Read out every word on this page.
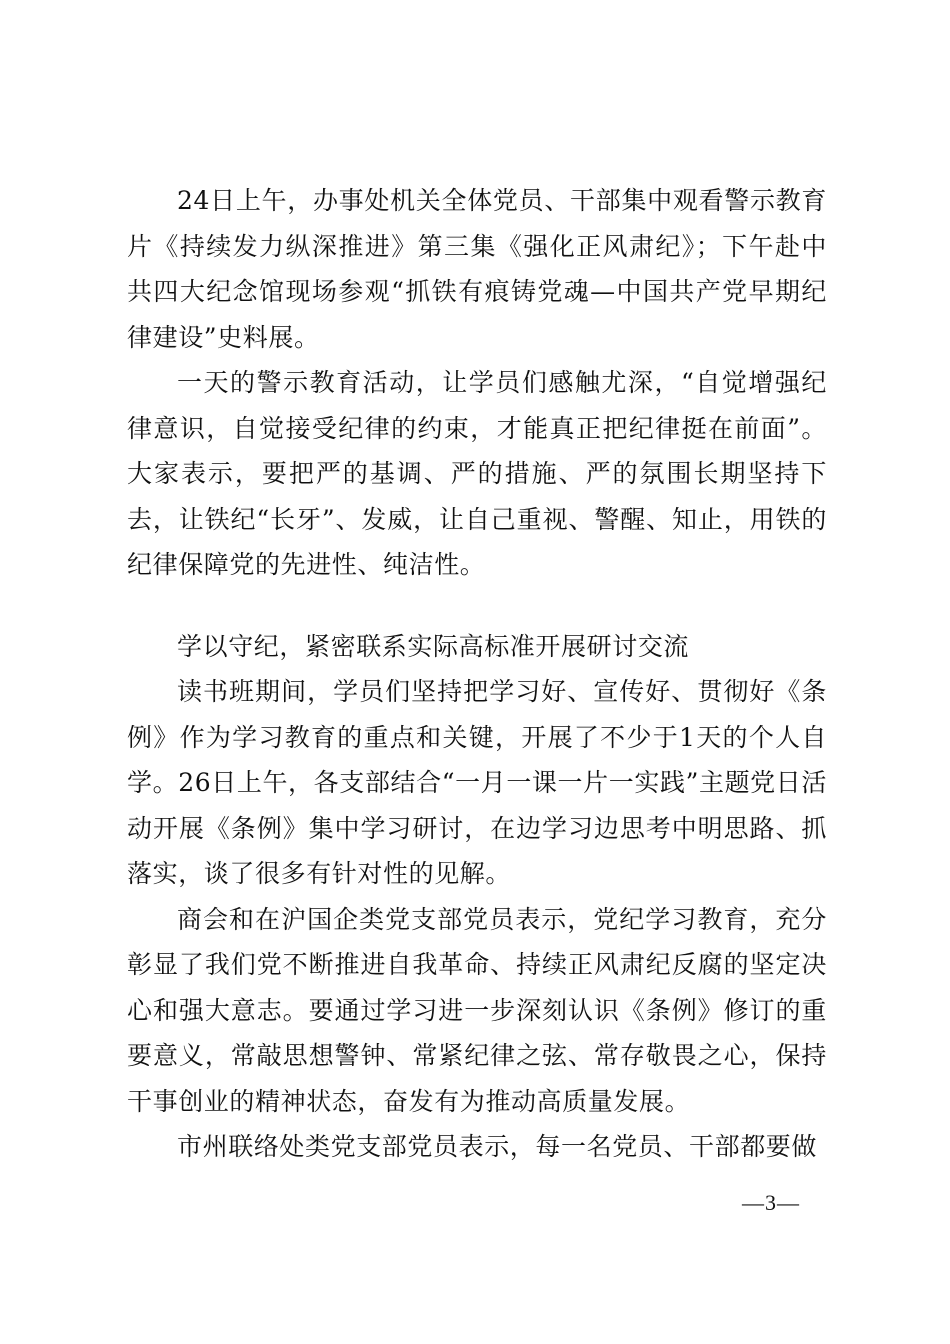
24日上午，办事处机关全体党员、干部集中观看警示教育片《持续发力纵深推进》第三集《强化正风肃纪》；下午赴中共四大纪念馆现场参观“抓铁有痕铸党魂—中国共产党早期纪律建设”史料展。

一天的警示教育活动，让学员们感触尤深，“自觉增强纪律意识，自觉接受纪律的约束，才能真正把纪律挺在前面”。大家表示，要把严的基调、严的措施、严的氛围长期坚持下去，让铁纪“长牙”、发威，让自己重视、警醒、知止，用铁的纪律保障党的先进性、纯洁性。

学以守纪，紧密联系实际高标准开展研讨交流

读书班期间，学员们坚持把学习好、宣传好、贯彻好《条例》作为学习教育的重点和关键，开展了不少于1天的个人自学。26日上午，各支部结合“一月一课一片一实践”主题党日活动开展《条例》集中学习研讨，在边学习边思考中明思路、抓落实，谈了很多有针对性的见解。

商会和在沪国企类党支部党员表示，党纪学习教育，充分彰显了我们党不断推进自我革命、持续正风肃纪反腐的坚定决心和强大意志。要通过学习进一步深刻认识《条例》修订的重要意义，常敲思想警钟、常紧纪律之弦、常存敬畏之心，保持干事创业的精神状态，奋发有为推动高质量发展。

市州联络处类党支部党员表示，每一名党员、干部都要做

—3—
